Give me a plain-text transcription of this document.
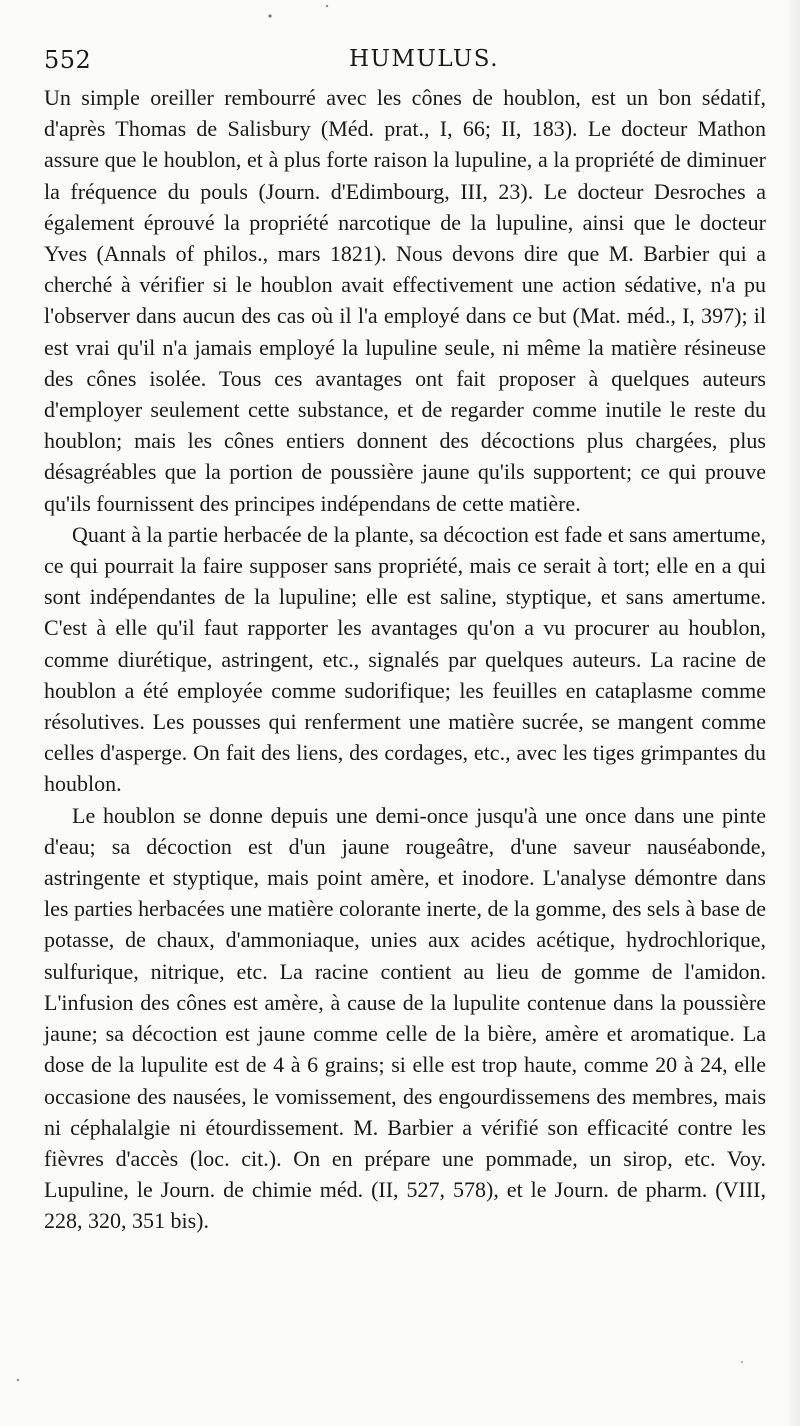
552	HUMULUS.

Un simple oreiller rembourré avec les cônes de houblon, est un bon sédatif, d'après Thomas de Salisbury (Méd. prat., I, 66; II, 183). Le docteur Mathon assure que le houblon, et à plus forte raison la lupuline, a la propriété de diminuer la fréquence du pouls (Journ. d'Edimbourg, III, 23). Le docteur Desroches a également éprouvé la propriété narcotique de la lupuline, ainsi que le docteur Yves (Annals of philos., mars 1821). Nous devons dire que M. Barbier qui a cherché à vérifier si le houblon avait effectivement une action sédative, n'a pu l'observer dans aucun des cas où il l'a employé dans ce but (Mat. méd., I, 397); il est vrai qu'il n'a jamais employé la lupuline seule, ni même la matière résineuse des cônes isolée. Tous ces avantages ont fait proposer à quelques auteurs d'employer seulement cette substance, et de regarder comme inutile le reste du houblon; mais les cônes entiers donnent des décoctions plus chargées, plus désagréables que la portion de poussière jaune qu'ils supportent; ce qui prouve qu'ils fournissent des principes indépendans de cette matière.

Quant à la partie herbacée de la plante, sa décoction est fade et sans amertume, ce qui pourrait la faire supposer sans propriété, mais ce serait à tort; elle en a qui sont indépendantes de la lupuline; elle est saline, styptique, et sans amertume. C'est à elle qu'il faut rapporter les avantages qu'on a vu procurer au houblon, comme diurétique, astringent, etc., signalés par quelques auteurs. La racine de houblon a été employée comme sudorifique; les feuilles en cataplasme comme résolutives. Les pousses qui renferment une matière sucrée, se mangent comme celles d'asperge. On fait des liens, des cordages, etc., avec les tiges grimpantes du houblon.

Le houblon se donne depuis une demi-once jusqu'à une once dans une pinte d'eau; sa décoction est d'un jaune rougeâtre, d'une saveur nauséabonde, astringente et styptique, mais point amère, et inodore. L'analyse démontre dans les parties herbacées une matière colorante inerte, de la gomme, des sels à base de potasse, de chaux, d'ammoniaque, unies aux acides acétique, hydrochlorique, sulfurique, nitrique, etc. La racine contient au lieu de gomme de l'amidon. L'infusion des cônes est amère, à cause de la lupulite contenue dans la poussière jaune; sa décoction est jaune comme celle de la bière, amère et aromatique. La dose de la lupulite est de 4 à 6 grains; si elle est trop haute, comme 20 à 24, elle occasione des nausées, le vomissement, des engourdissemens des membres, mais ni céphalalgie ni étourdissement. M. Barbier a vérifié son efficacité contre les fièvres d'accès (loc. cit.). On en prépare une pommade, un sirop, etc. Voy. Lupuline, le Journ. de chimie méd. (II, 527, 578), et le Journ. de pharm. (VIII, 228, 320, 351 bis).
